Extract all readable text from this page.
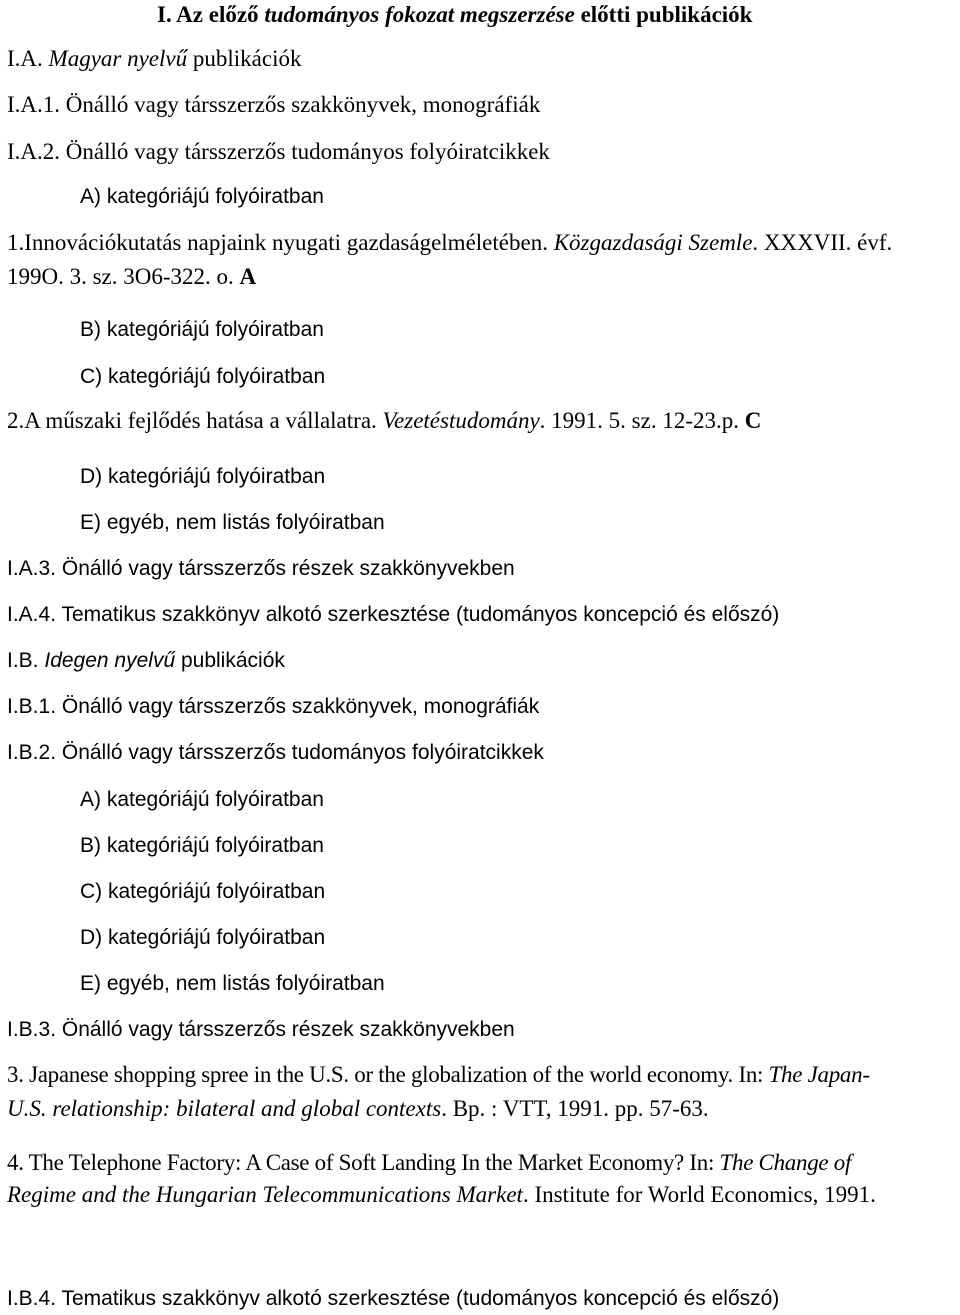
I. Az előző tudományos fokozat megszerzése előtti publikációk
I.A. Magyar nyelvű publikációk
I.A.1. Önálló vagy társszerzős szakkönyvek, monográfiák
I.A.2. Önálló vagy társszerzős tudományos folyóiratcikkek
A) kategóriájú folyóiratban
1.Innovációkutatás napjaink nyugati gazdaságelméletében. Közgazdasági Szemle. XXXVII. évf.
199O. 3. sz. 3O6-322. o. A
B) kategóriájú folyóiratban
C) kategóriájú folyóiratban
2.A műszaki fejlődés hatása a vállalatra. Vezetéstudomány. 1991. 5. sz. 12-23.p. C
D) kategóriájú folyóiratban
E) egyéb, nem listás folyóiratban
I.A.3. Önálló vagy társszerzős részek szakkönyvekben
I.A.4. Tematikus szakkönyv alkotó szerkesztése (tudományos koncepció és előszó)
I.B. Idegen nyelvű publikációk
I.B.1. Önálló vagy társszerzős szakkönyvek, monográfiák
I.B.2. Önálló vagy társszerzős tudományos folyóiratcikkek
A) kategóriájú folyóiratban
B) kategóriájú folyóiratban
C) kategóriájú folyóiratban
D) kategóriájú folyóiratban
E) egyéb, nem listás folyóiratban
I.B.3. Önálló vagy társszerzős részek szakkönyvekben
3. Japanese shopping spree in the U.S. or the globalization of the world economy. In: The Japan-
U.S. relationship: bilateral and global contexts. Bp. : VTT, 1991. pp. 57-63.
4. The Telephone Factory: A Case of Soft Landing In the Market Economy? In: The Change of
Regime and the Hungarian Telecommunications Market. Institute for World Economics, 1991.
I.B.4. Tematikus szakkönyv alkotó szerkesztése (tudományos koncepció és előszó)
